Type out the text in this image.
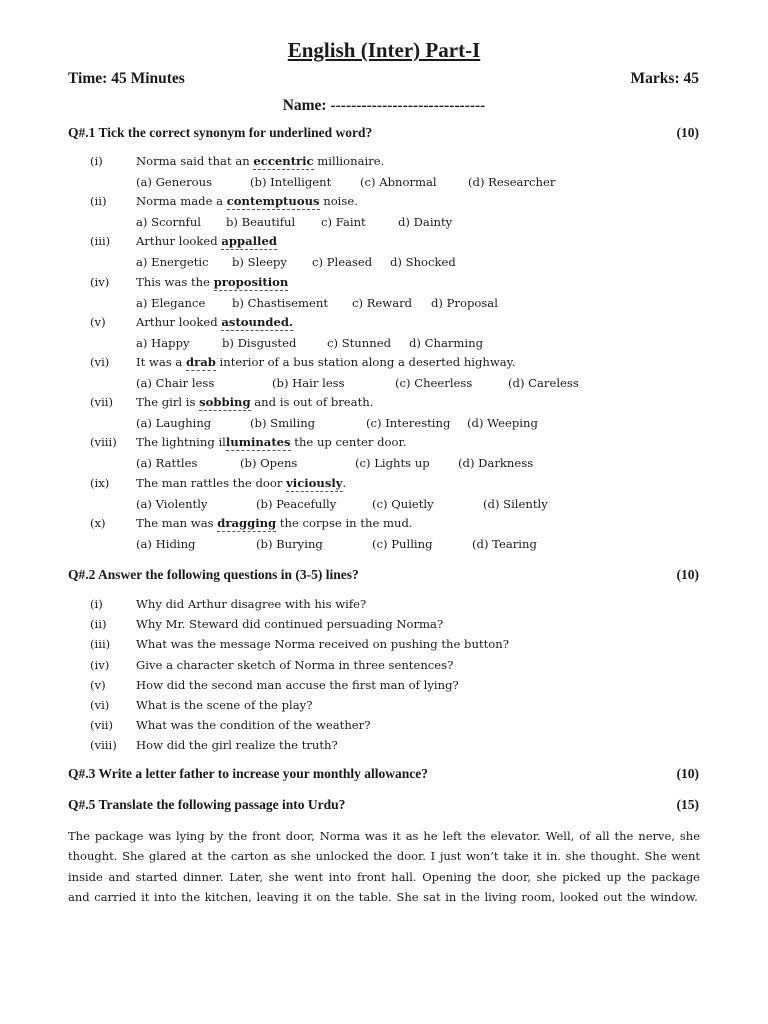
English (Inter) Part-I
Time: 45 Minutes	Marks: 45
Name: ------------------------------
Q#.1 Tick the correct synonym for underlined word?	(10)
(i)	Norma said that an eccentric millionaire.
(a) Generous	(b) Intelligent (c) Abnormal	(d) Researcher
(ii)	Norma made a contemptuous noise.
a) Scornful b) Beautiful c) Faint	d) Dainty
(iii) Arthur looked appalled
a) Energetic b) Sleepy c) Pleased d) Shocked
(iv) This was the proposition
a) Elegance b) Chastisement c) Reward d) Proposal
(v)	Arthur looked astounded.
a) Happy	b) Disgusted	c) Stunned d) Charming
(vi) It was a drab interior of a bus station along a deserted highway.
(a) Chair less	(b) Hair less	(c) Cheerless	(d) Careless
(vii) The girl is sobbing and is out of breath.
(a) Laughing	(b) Smiling	(c) Interesting (d) Weeping
(viii) The lightning illuminates the up center door.
(a) Rattles	(b) Opens	(c) Lights up (d) Darkness
(ix) The man rattles the door viciously.
(a) Violently	(b) Peacefully	(c) Quietly	(d) Silently
(x)	The man was dragging the corpse in the mud.
(a) Hiding	(b) Burying	(c) Pulling	(d) Tearing
Q#.2 Answer the following questions in (3-5) lines?	(10)
(i)	Why did Arthur disagree with his wife?
(ii)	Why Mr. Steward did continued persuading Norma?
(iii) What was the message Norma received on pushing the button?
(iv) Give a character sketch of Norma in three sentences?
(v)	How did the second man accuse the first man of lying?
(vi) What is the scene of the play?
(vii) What was the condition of the weather?
(viii) How did the girl realize the truth?
Q#.3 Write a letter father to increase your monthly allowance?	(10)
Q#.5 Translate the following passage into Urdu?	(15)
The package was lying by the front door, Norma was it as he left the elevator. Well, of all the nerve, she thought. She glared at the carton as she unlocked the door. I just won’t take it in. she thought. She went inside and started dinner. Later, she went into front hall. Opening the door, she picked up the package and carried it into the kitchen, leaving it on the table. She sat in the living room, looked out the window.
